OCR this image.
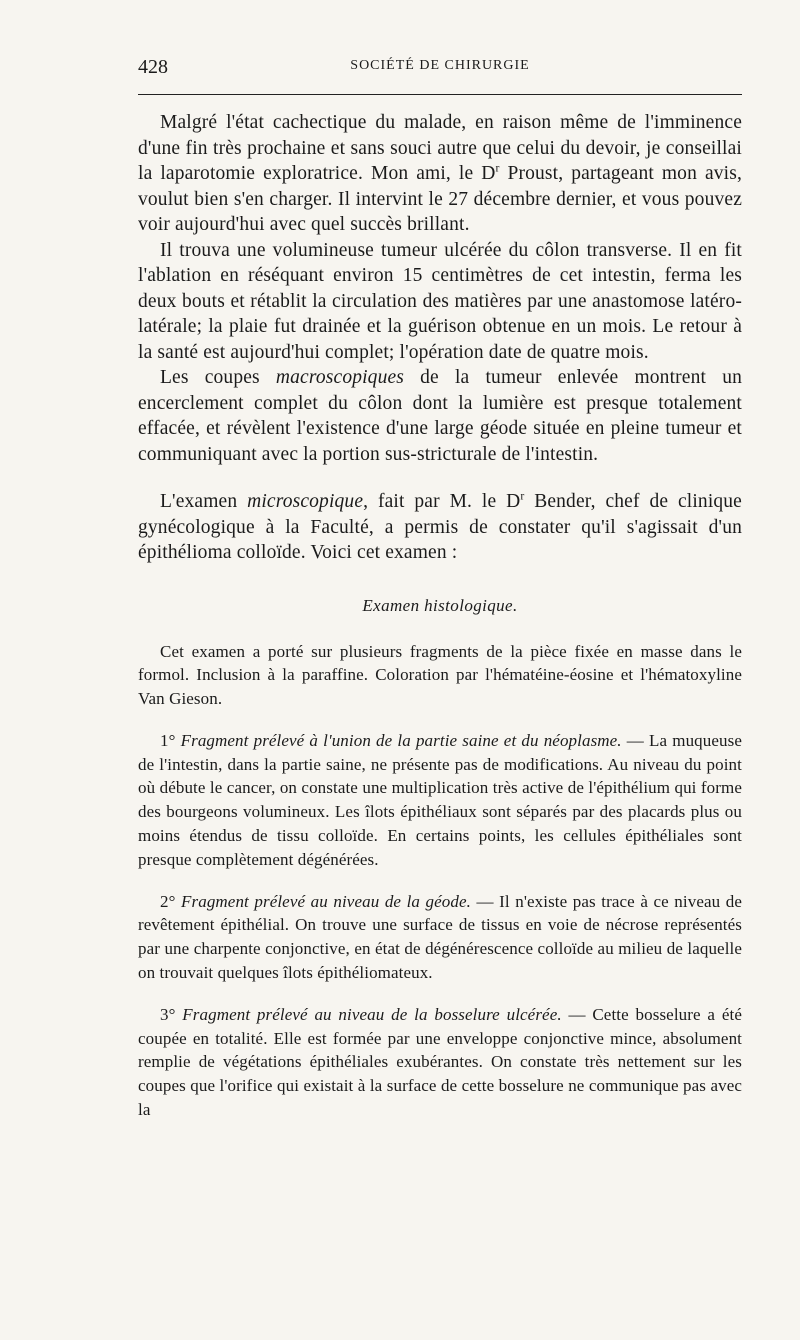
428	SOCIÉTÉ DE CHIRURGIE

Malgré l'état cachectique du malade, en raison même de l'imminence d'une fin très prochaine et sans souci autre que celui du devoir, je conseillai la laparotomie exploratrice. Mon ami, le $D^r$ Proust, partageant mon avis, voulut bien s'en charger. Il intervint le 27 décembre dernier, et vous pouvez voir aujourd'hui avec quel succès brillant.

Il trouva une volumineuse tumeur ulcérée du côlon transverse. Il en fit l'ablation en réséquant environ 15 centimètres de cet intestin, ferma les deux bouts et rétablit la circulation des matières par une anastomose latéro-latérale; la plaie fut drainée et la guérison obtenue en un mois. Le retour à la santé est aujourd'hui complet; l'opération date de quatre mois.

Les coupes macroscopiques de la tumeur enlevée montrent un encerclement complet du côlon dont la lumière est presque totalement effacée, et révèlent l'existence d'une large géode située en pleine tumeur et communiquant avec la portion sus-stricturale de l'intestin.

L'examen microscopique, fait par M. le $D^r$ Bender, chef de clinique gynécologique à la Faculté, a permis de constater qu'il s'agissait d'un épithélioma colloïde. Voici cet examen :

Examen histologique.

Cet examen a porté sur plusieurs fragments de la pièce fixée en masse dans le formol. Inclusion à la paraffine. Coloration par l'hématéine-éosine et l'hématoxyline Van Gieson.

1° Fragment prélevé à l'union de la partie saine et du néoplasme. — La muqueuse de l'intestin, dans la partie saine, ne présente pas de modifications. Au niveau du point où débute le cancer, on constate une multiplication très active de l'épithélium qui forme des bourgeons volumineux. Les îlots épithéliaux sont séparés par des placards plus ou moins étendus de tissu colloïde. En certains points, les cellules épithéliales sont presque complètement dégénérées.

2° Fragment prélevé au niveau de la géode. — Il n'existe pas trace à ce niveau de revêtement épithélial. On trouve une surface de tissus en voie de nécrose représentés par une charpente conjonctive, en état de dégénérescence colloïde au milieu de laquelle on trouvait quelques îlots épithéliomateux.

3° Fragment prélevé au niveau de la bosselure ulcérée. — Cette bosselure a été coupée en totalité. Elle est formée par une enveloppe conjonctive mince, absolument remplie de végétations épithéliales exubérantes. On constate très nettement sur les coupes que l'orifice qui existait à la surface de cette bosselure ne communique pas avec la
